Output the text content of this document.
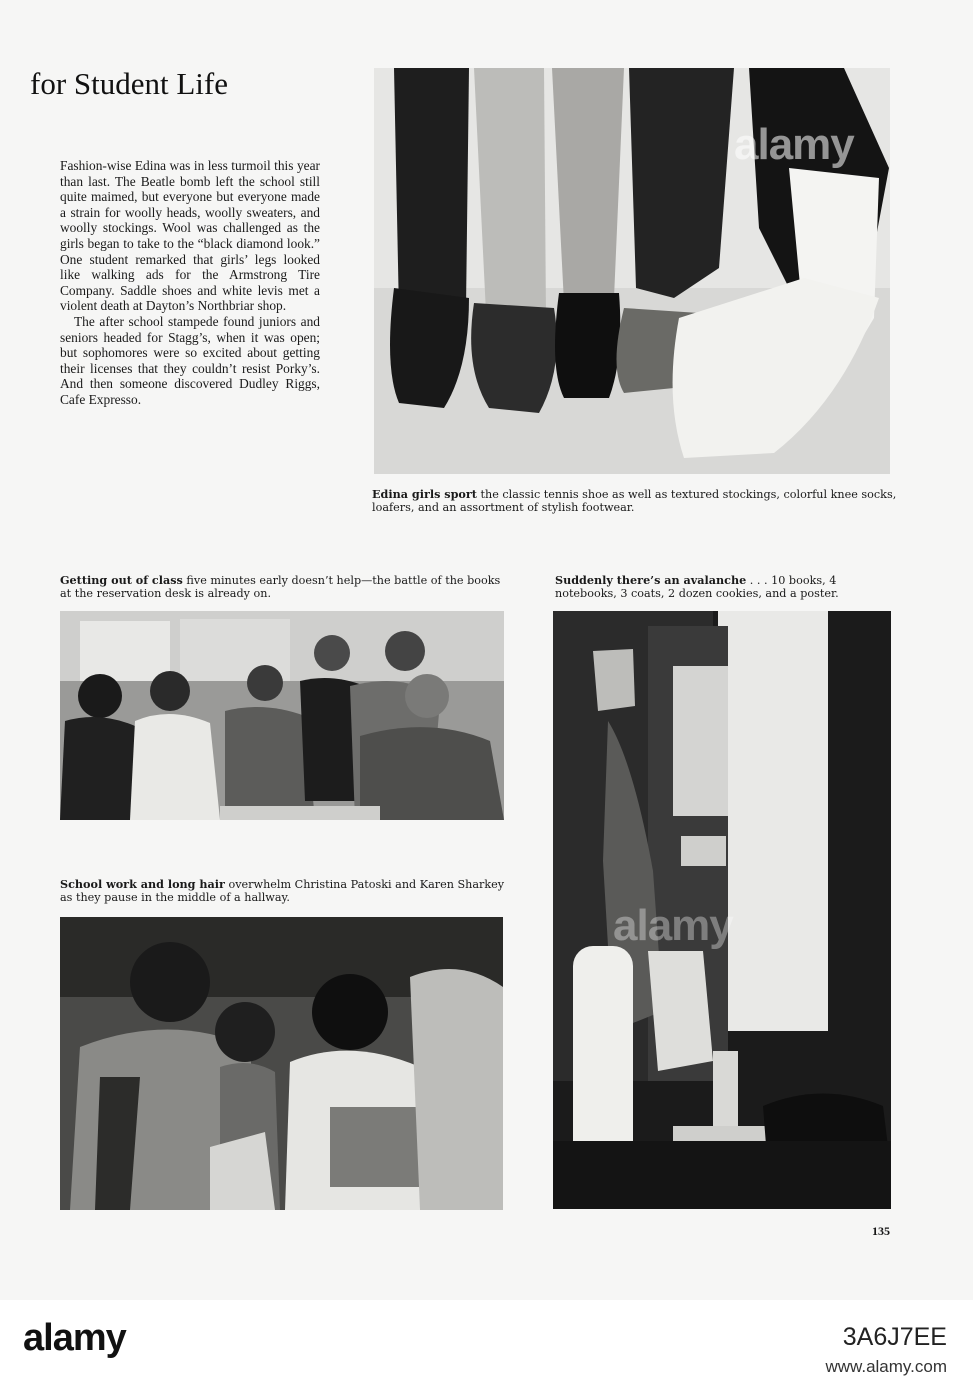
for Student Life

Fashion-wise Edina was in less turmoil this year than last. The Beatle bomb left the school still quite maimed, but everyone but everyone made a strain for woolly heads, woolly sweaters, and woolly stockings. Wool was challenged as the girls began to take to the “black diamond look.” One student remarked that girls’ legs looked like walking ads for the Armstrong Tire Company. Saddle shoes and white levis met a violent death at Dayton’s Northbriar shop.

The after school stampede found juniors and seniors headed for Stagg’s, when it was open; but sophomores were so excited about getting their licenses that they couldn’t resist Porky’s. And then someone discovered Dudley Riggs, Cafe Expresso.

alamy
Edina girls sport the classic tennis shoe as well as textured stockings, colorful knee socks, loafers, and an assortment of stylish footwear.
Getting out of class five minutes early doesn’t help—the battle of the books at the reservation desk is already on.
Suddenly there’s an avalanche . . . 10 books, 4 notebooks, 3 coats, 2 dozen cookies, and a poster.
alamy
School work and long hair overwhelm Christina Patoski and Karen Sharkey as they pause in the middle of a hallway.
135
alamy	3A6J7EE
www.alamy.com
